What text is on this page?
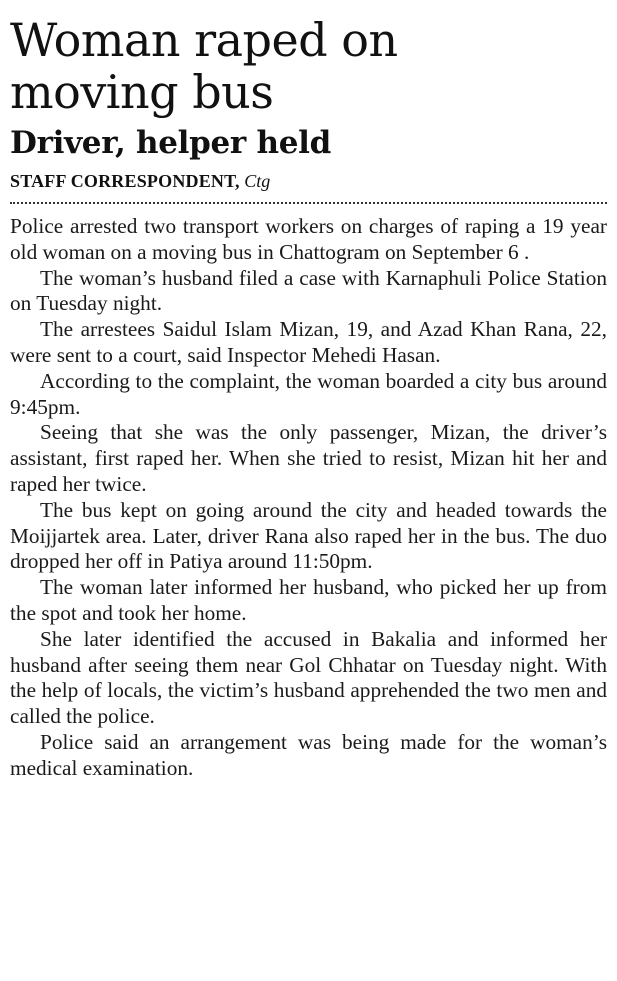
Woman raped on
moving bus
Driver, helper held
STAFF CORRESPONDENT, Ctg

Police arrested two transport workers on charges of raping a 19 year old woman on a moving bus in Chattogram on September 6 .

The woman’s husband filed a case with Karnaphuli Police Station on Tuesday night.

The arrestees Saidul Islam Mizan, 19, and Azad Khan Rana, 22, were sent to a court, said Inspector Mehedi Hasan.

According to the complaint, the woman boarded a city bus around 9:45pm.

Seeing that she was the only passenger, Mizan, the driver’s assistant, first raped her. When she tried to resist, Mizan hit her and raped her twice.

The bus kept on going around the city and headed towards the Moijjartek area. Later, driver Rana also raped her in the bus. The duo dropped her off in Patiya around 11:50pm.

The woman later informed her husband, who picked her up from the spot and took her home.

She later identified the accused in Bakalia and informed her husband after seeing them near Gol Chhatar on Tuesday night. With the help of locals, the victim’s husband apprehended the two men and called the police.

Police said an arrangement was being made for the woman’s medical examination.
